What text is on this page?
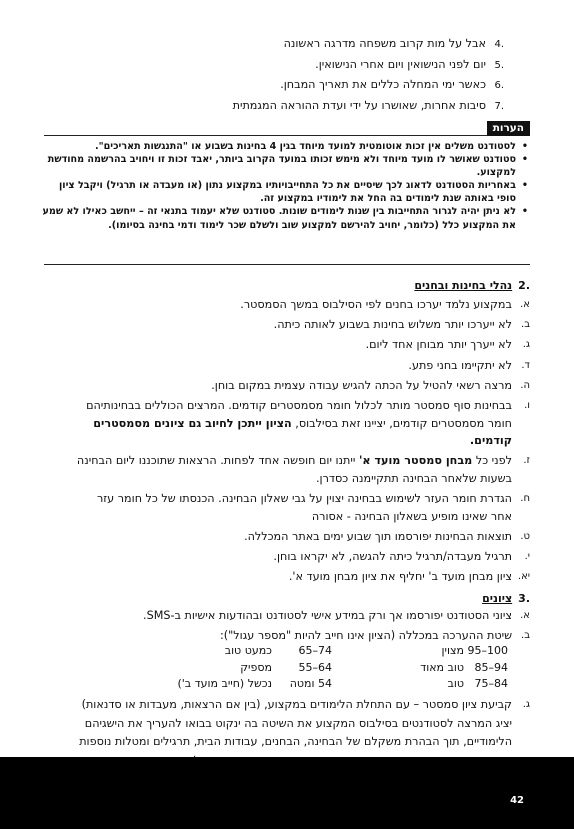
.4
אבל על מות קרוב משפחה מדרגה ראשונה
.5
יום לפני הנישואין ויום אחרי הנישואין.
.6
כאשר ימי המחלה כללים את תאריך המבחן.
.7
סיבות אחרות, שאושרו על ידי ועדת ההוראה המגמתית
הערות
•
לסטודנט משלים אין זכות אוטומטית למועד מיוחד בגין 4 בחינות בשבוע או "התנגשות תאריכים".
•
סטודנט שאושר לו מועד מיוחד ולא מימש זכותו במועד הקרוב ביותר, יאבד זכות זו ויחויב בהרשמה מחודשת למקצוע.
•
באחריות הסטודנט לדאוג לכך שיסיים את כל התחייבויותיו במקצוע נתון (או מעבדה או תרגיל) ויקבל ציון סופי באותה שנת לימודים בה החל את לימודיו במקצוע זה.
•
לא ניתן יהיה לגרור התחייבות בין שנות לימודים שונות. סטודנט שלא יעמוד בתנאי זה – ייחשב כאילו לא שמע את המקצוע כלל (כלומר, יחויב להירשם למקצוע שוב ולשלם שכר לימוד ודמי בחינה בסיומו).
.2
נהלי בחינות ובחנים
א.
במקצוע נלמד יערכו בחנים לפי הסילבוס במשך הסמסטר.
ב.
לא ייערכו יותר משלוש בחינות בשבוע לאותה כיתה.
ג.
לא ייערך יותר מבוחן אחד ליום.
ד.
לא יתקיימו בחני פתע.
ה.
מרצה רשאי להטיל על הכתה להגיש עבודה עצמית במקום בוחן.
ו.
בבחינות סוף סמסטר מותר לכלול חומר מסמסטרים קודמים. המרצים הכוללים בבחינותיהם חומר מסמסטרים קודמים, יציינו זאת בסילבוס, הציון ייתכן לחיוב גם ציונים מסמסטרים קודמים.
ז.
לפני כל מבחן סמסטר מועד א' ייתנו יום חופשה אחד לפחות. הרצאות שתוכננו ליום הבחינה בשעות שלאחר הבחינה תתקיימנה כסדרן.
ח.
הגדרת חומר העזר לשימוש בבחינה יצוין על גבי שאלון הבחינה. הכנסתו של כל חומר עזר אחר שאינו מופיע בשאלון הבחינה - אסורה
ט.
תוצאות הבחינות יפורסמו תוך שבוע ימים באתר המכללה.
י.
תרגיל מעבדה/תרגיל כיתה להגשה, לא יקראו בוחן.
יא.
ציון מבחן מועד ב' יחליף את ציון מבחן מועד א'.
.3
ציונים
א.
ציוני הסטודנט יפורסמו אך ורק במידע אישי לסטודנט ובהודעות אישיות ב-SMS.
ב.
שיטת ההערכה במכללה (הציון אינו חייב להיות "מספר עגול"):
100–95
מצוין
74–65
כמעט טוב
94–85
טוב מאוד
64–55
מספיק
84–75
טוב
54 ומטה
נכשל (חייב מועד ב')
ג.
קביעת ציון סמסטר – עם התחלת הלימודים במקצוע, (בין אם הרצאות, מעבדות או סדנאות) יציג המרצה לסטודנטים בסילבוס המקצוע את השיטה בה ינקוט בבואו להעריך את הישגיהם הלימודיים, תוך הבהרת משקלם של הבחינה, הבחנים, עבודות הבית, תרגילים ומטלות נוספות
42
